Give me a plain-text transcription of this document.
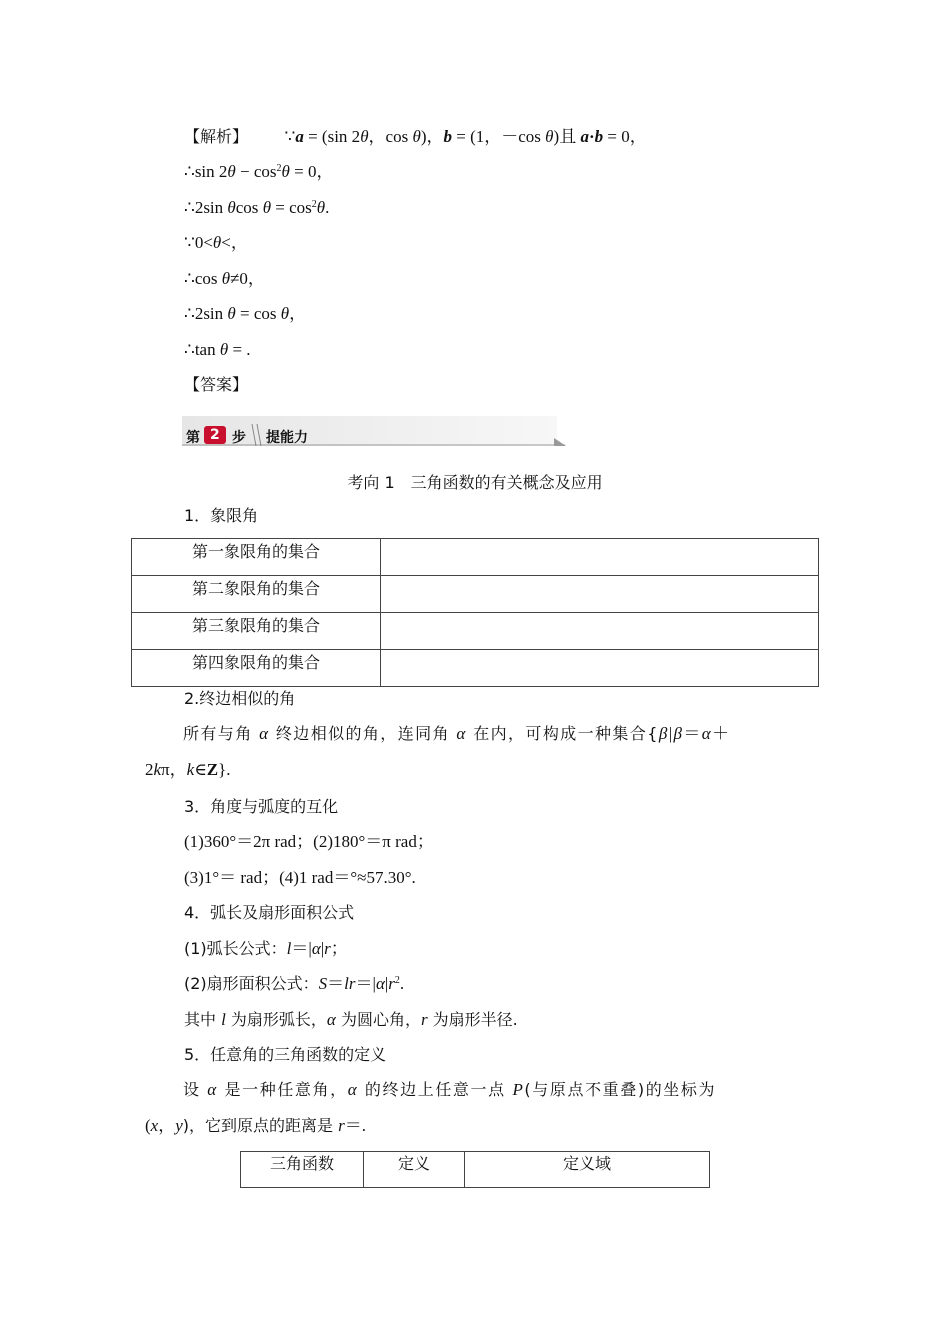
【解析】 ∵a = (sin 2θ，cos θ)，b = (1，－cos θ)且 a·b = 0，
∴sin $2\theta - \cos^2\theta = 0$，
∴2sin θcos $\theta = \cos^2\theta$.
∵0<θ<，
∴cos θ≠0，
∴2sin θ = cos θ，
∴tan θ = .
【答案】
第 2 步 提能力
考向 1　三角函数的有关概念及应用
1．象限角
第一象限角的集合	
第二象限角的集合	
第三象限角的集合	
第四象限角的集合	
2.终边相似的角
所有与角 α 终边相似的角，连同角 α 在内，可构成一种集合{β|β＝α＋
2kπ，k∈Z}.
3．角度与弧度的互化
(1)360°＝2π rad；(2)180°＝π rad；
(3)1°＝ rad；(4)1 rad＝°≈57.30°.
4．弧长及扇形面积公式
(1)弧长公式：l＝|α|r；
(2)扇形面积公式：$S=lr=|\alpha|r^2$.
其中 l 为扇形弧长，α 为圆心角，r 为扇形半径.
5．任意角的三角函数的定义
设 α 是一种任意角，α 的终边上任意一点 P(与原点不重叠)的坐标为
(x，y)，它到原点的距离是 r＝.
三角函数	定义	定义域
